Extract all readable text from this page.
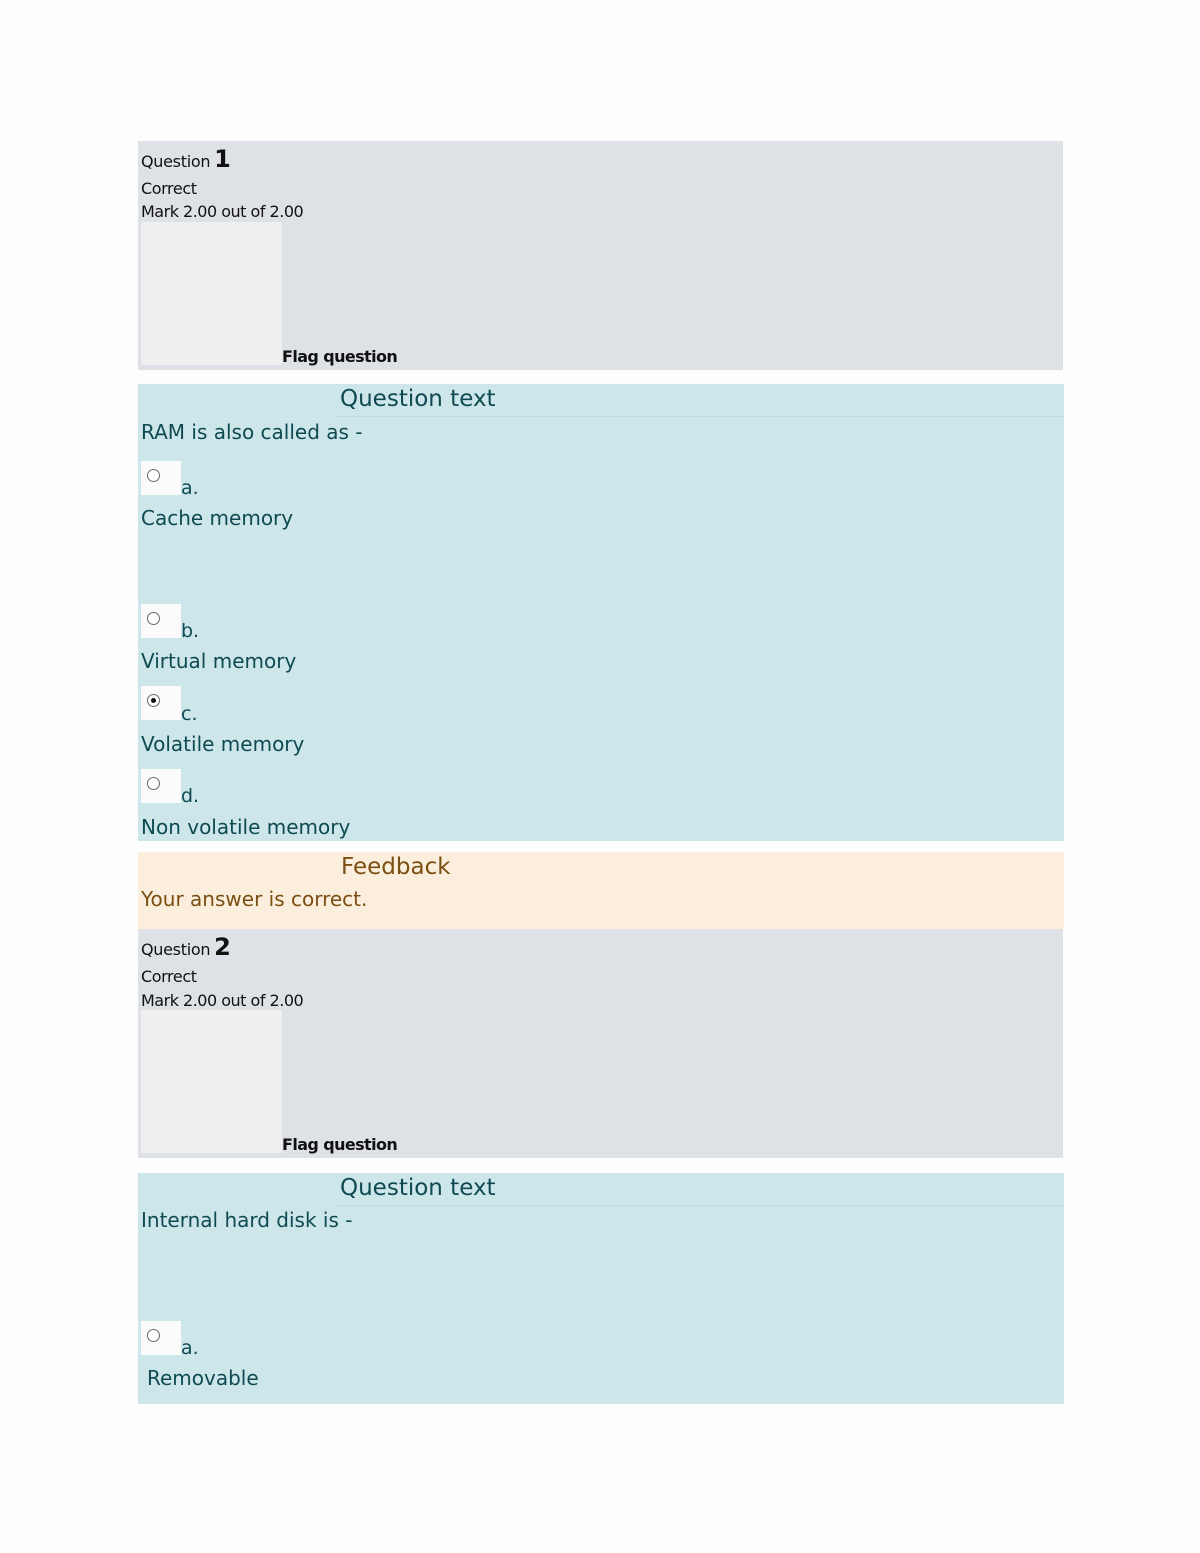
Question 1
Correct
Mark 2.00 out of 2.00
Flag question
Question text
RAM is also called as -
a.
Cache memory
b.
Virtual memory
c.
Volatile memory
d.
Non volatile memory
Feedback
Your answer is correct.
Question 2
Correct
Mark 2.00 out of 2.00
Flag question
Question text
Internal hard disk is -
a.
Removable
